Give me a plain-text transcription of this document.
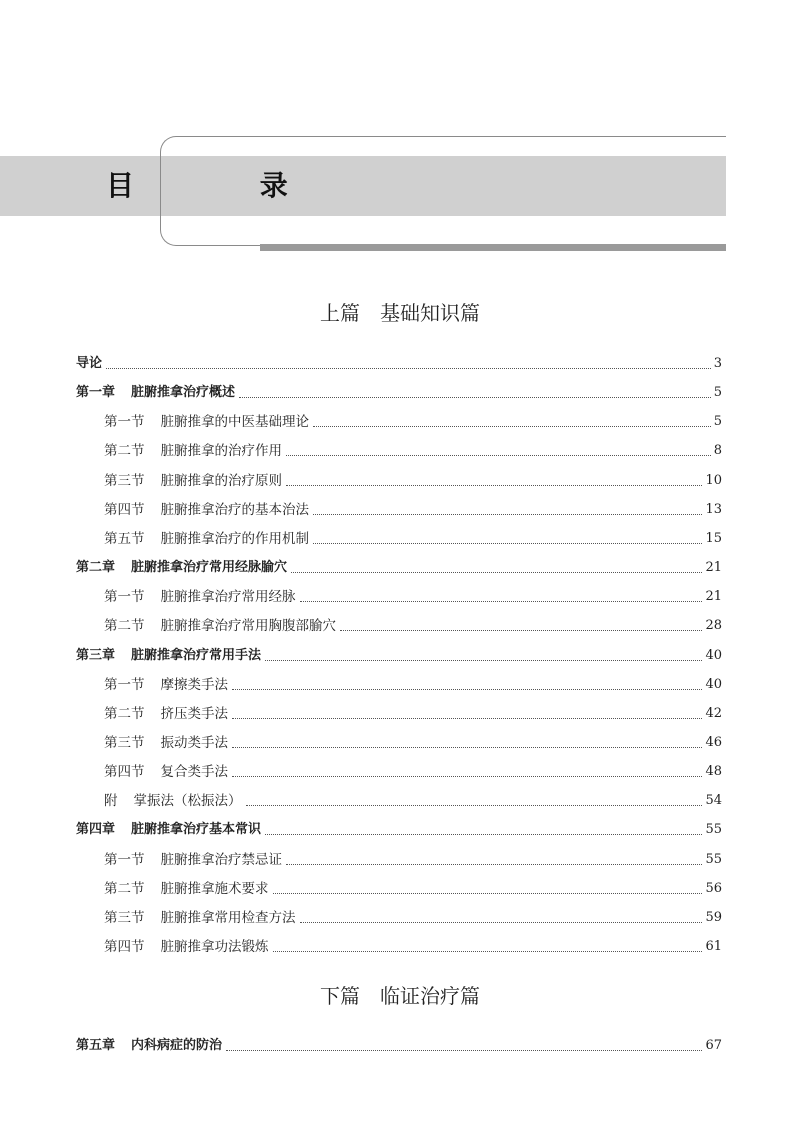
目 录
上篇　基础知识篇
导论	3
第一章 脏腑推拿治疗概述	5
第一节 脏腑推拿的中医基础理论	5
第二节 脏腑推拿的治疗作用	8
第三节 脏腑推拿的治疗原则	10
第四节 脏腑推拿治疗的基本治法	13
第五节 脏腑推拿治疗的作用机制	15
第二章 脏腑推拿治疗常用经脉腧穴	21
第一节 脏腑推拿治疗常用经脉	21
第二节 脏腑推拿治疗常用胸腹部腧穴	28
第三章 脏腑推拿治疗常用手法	40
第一节 摩擦类手法	40
第二节 挤压类手法	42
第三节 振动类手法	46
第四节 复合类手法	48
附 掌振法（松振法）	54
第四章 脏腑推拿治疗基本常识	55
第一节 脏腑推拿治疗禁忌证	55
第二节 脏腑推拿施术要求	56
第三节 脏腑推拿常用检查方法	59
第四节 脏腑推拿功法锻炼	61
下篇　临证治疗篇
第五章 内科病症的防治	67
